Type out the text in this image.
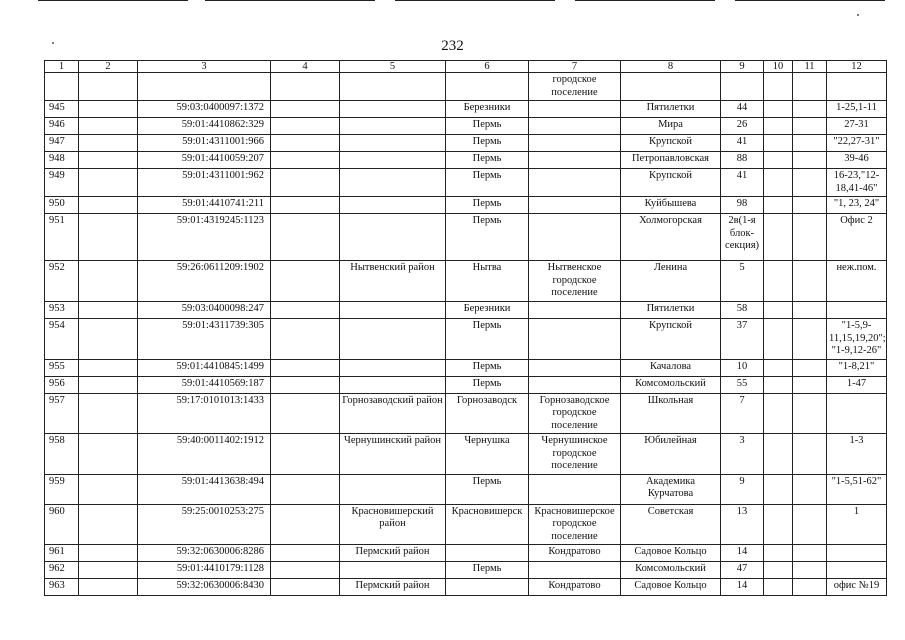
232
1	2	3	4	5	6	7	8	9	10	11	12
						городское поселение					
945		59:03:0400097:1372			Березники		Пятилетки	44			1-25,1-11
946		59:01:4410862:329			Пермь		Мира	26			27-31
947		59:01:4311001:966			Пермь		Крупской	41			"22,27-31"
948		59:01:4410059:207			Пермь		Петропавловская	88			39-46
949		59:01:4311001:962			Пермь		Крупской	41			16-23,"12-18,41-46"
950		59:01:4410741:211			Пермь		Куйбышева	98			"1, 23, 24"
951		59:01:4319245:1123			Пермь		Холмогорская	2в(1-я блок-секция)			Офис 2
952		59:26:0611209:1902		Нытвенский район	Нытва	Нытвенское городское поселение	Ленина	5			неж.пом.
953		59:03:0400098:247			Березники		Пятилетки	58			
954		59:01:4311739:305			Пермь		Крупской	37			"1-5,9-11,15,19,20"; "1-9,12-26"
955		59:01:4410845:1499			Пермь		Качалова	10			"1-8,21"
956		59:01:4410569:187			Пермь		Комсомольский	55			1-47
957		59:17:0101013:1433		Горнозаводский район	Горнозаводск	Горнозаводское городское поселение	Школьная	7			
958		59:40:0011402:1912		Чернушинский район	Чернушка	Чернушинское городское поселение	Юбилейная	3			1-3
959		59:01:4413638:494			Пермь		Академика Курчатова	9			"1-5,51-62"
960		59:25:0010253:275		Красновишерский район	Красновишерск	Красновишерское городское поселение	Советская	13			1
961		59:32:0630006:8286		Пермский район		Кондратово	Садовое Кольцо	14			
962		59:01:4410179:1128			Пермь		Комсомольский	47			
963		59:32:0630006:8430		Пермский район		Кондратово	Садовое Кольцо	14			офис №19
